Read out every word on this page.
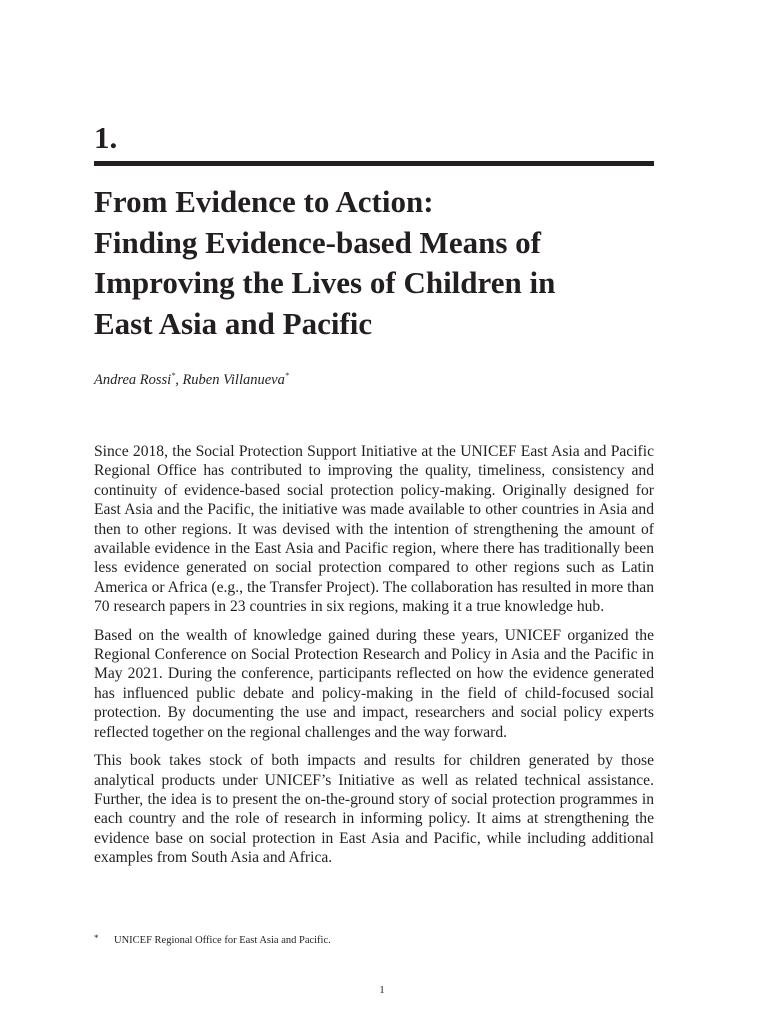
1.
From Evidence to Action:
Finding Evidence-based Means of
Improving the Lives of Children in
East Asia and Pacific
Andrea Rossi*, Ruben Villanueva*

Since 2018, the Social Protection Support Initiative at the UNICEF East Asia and Pacific Regional Office has contributed to improving the quality, timeliness, consistency and continuity of evidence-based social protection policy-making. Originally designed for East Asia and the Pacific, the initiative was made available to other countries in Asia and then to other regions. It was devised with the intention of strengthening the amount of available evidence in the East Asia and Pacific region, where there has traditionally been less evidence generated on social protection compared to other regions such as Latin America or Africa (e.g., the Transfer Project). The collaboration has resulted in more than 70 research papers in 23 countries in six regions, making it a true knowledge hub.

Based on the wealth of knowledge gained during these years, UNICEF organized the Regional Conference on Social Protection Research and Policy in Asia and the Pacific in May 2021. During the conference, participants reflected on how the evidence generated has influenced public debate and policy-making in the field of child-focused social protection. By documenting the use and impact, researchers and social policy experts reflected together on the regional challenges and the way forward.

This book takes stock of both impacts and results for children generated by those analytical products under UNICEF’s Initiative as well as related technical assistance. Further, the idea is to present the on-the-ground story of social protection programmes in each country and the role of research in informing policy. It aims at strengthening the evidence base on social protection in East Asia and Pacific, while including additional examples from South Asia and Africa.

* UNICEF Regional Office for East Asia and Pacific.
1
